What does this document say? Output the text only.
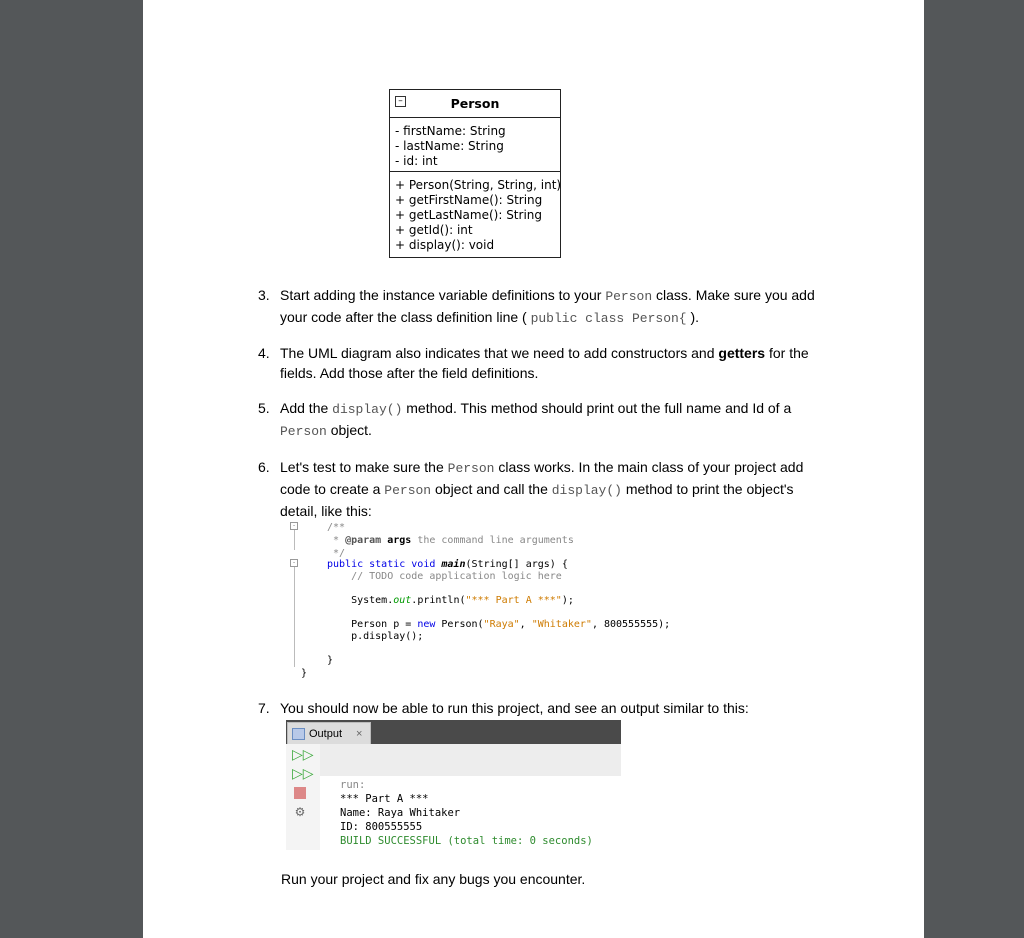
–	Person
- firstName: String
- lastName: String
- id: int
+ Person(String, String, int)
+ getFirstName(): String
+ getLastName(): String
+ getId(): int
+ display(): void
3. Start adding the instance variable definitions to your Person class. Make sure you add your code after the class definition line ( public class Person{ ).
4. The UML diagram also indicates that we need to add constructors and getters for the fields. Add those after the field definitions.
5. Add the display() method. This method should print out the full name and Id of a Person object.
6. Let's test to make sure the Person class works. In the main class of your project add code to create a Person object and call the display() method to print the object's detail, like this:
-
-
/**
* @param args the command line arguments
*/
public static void main(String[] args) {
// TODO code application logic here
System.out.println("*** Part A ***");
Person p = new Person("Raya", "Whitaker", 800555555);
p.display();
}
}
7. You should now be able to run this project, and see an output similar to this:
Output ×
▷▷
▷▷
⚙
run:
*** Part A ***
Name: Raya Whitaker
ID: 800555555
BUILD SUCCESSFUL (total time: 0 seconds)
Run your project and fix any bugs you encounter.
